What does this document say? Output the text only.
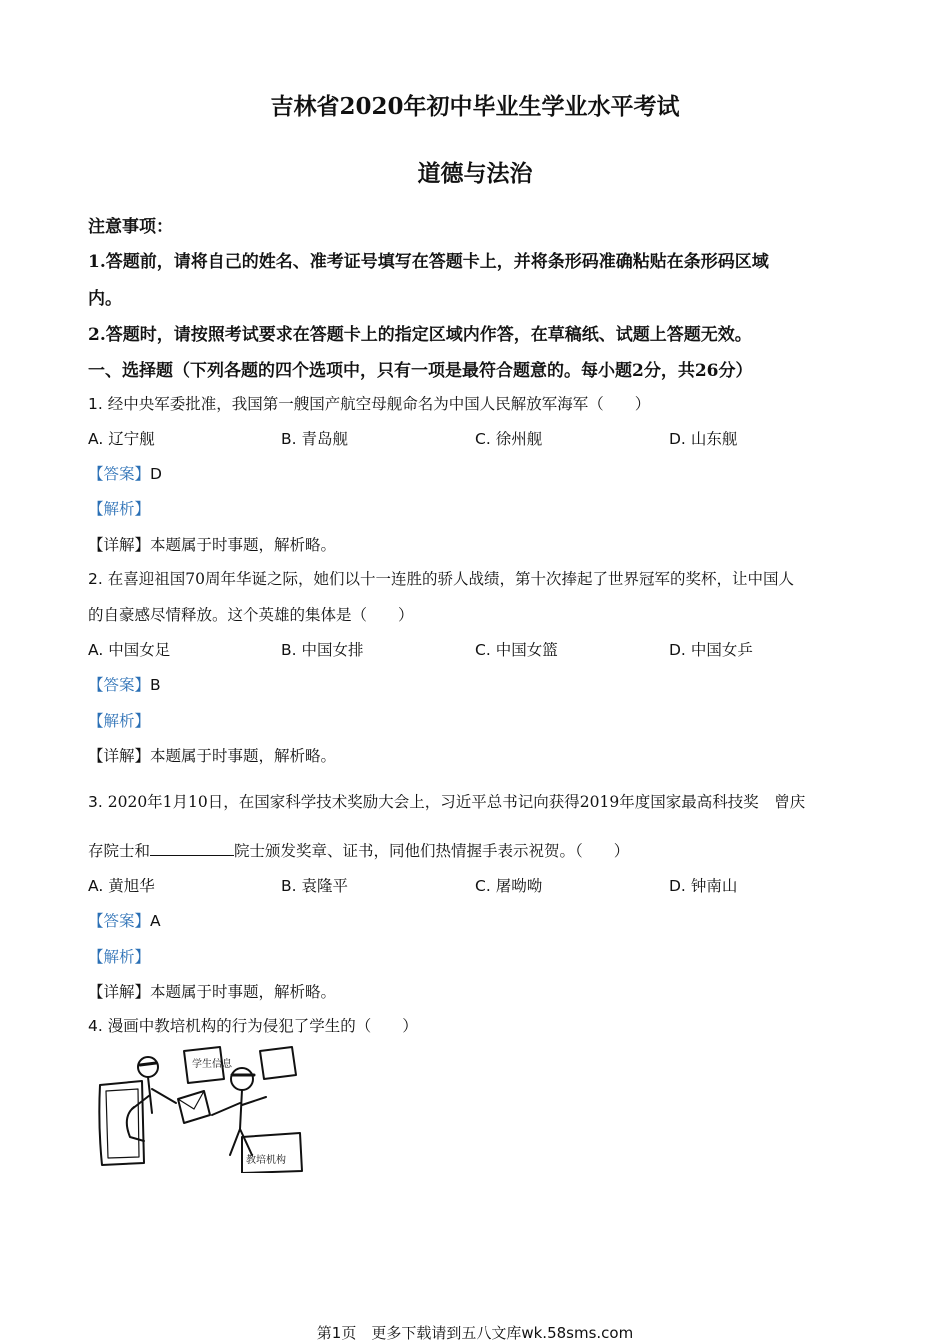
吉林省2020年初中毕业生学业水平考试
道德与法治
注意事项：
1.答题前，请将自己的姓名、准考证号填写在答题卡上，并将条形码准确粘贴在条形码区域
内。
2.答题时，请按照考试要求在答题卡上的指定区域内作答，在草稿纸、试题上答题无效。
一、选择题（下列各题的四个选项中，只有一项是最符合题意的。每小题2分，共26分）
1. 经中央军委批准，我国第一艘国产航空母舰命名为中国人民解放军海军（　　）
A. 辽宁舰	B. 青岛舰	C. 徐州舰	D. 山东舰
【答案】D
【解析】
【详解】本题属于时事题，解析略。
2. 在喜迎祖国70周年华诞之际，她们以十一连胜的骄人战绩，第十次捧起了世界冠军的奖杯，让中国人
的自豪感尽情释放。这个英雄的集体是（　　）
A. 中国女足	B. 中国女排	C. 中国女篮	D. 中国女乒
【答案】B
【解析】
【详解】本题属于时事题，解析略。
3. 2020年1月10日，在国家科学技术奖励大会上，习近平总书记向获得2019年度国家最高科技奖　曾庆
存院士和	院士颁发奖章、证书，同他们热情握手表示祝贺。（　　）
A. 黄旭华	B. 袁隆平	C. 屠呦呦	D. 钟南山
【答案】A
【解析】
【详解】本题属于时事题，解析略。
4. 漫画中教培机构的行为侵犯了学生的（　　）
学生信息
教培机构
第1页　更多下载请到五八文库wk.58sms.com
